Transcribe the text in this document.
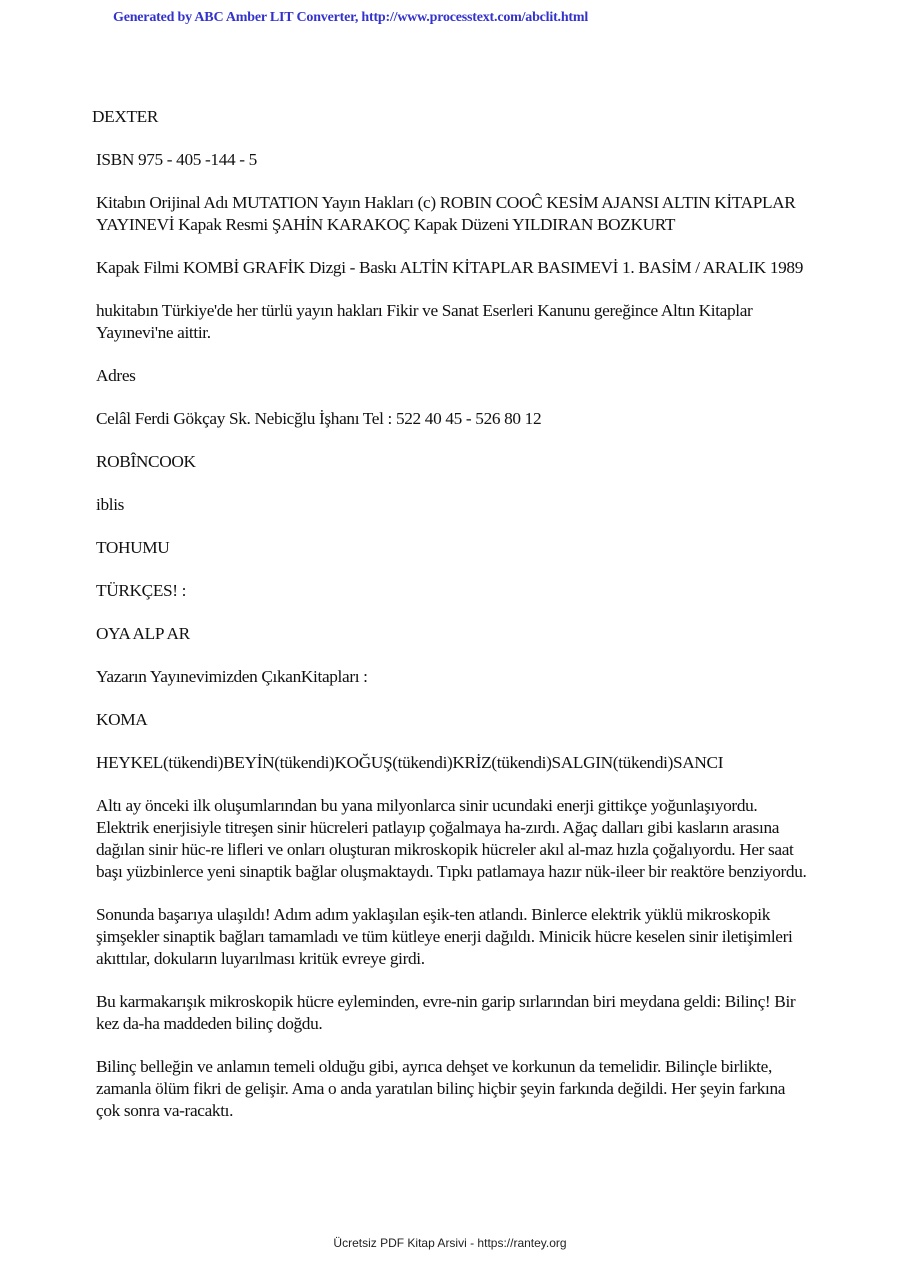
Generated by ABC Amber LIT Converter, http://www.processtext.com/abclit.html

DEXTER

ISBN 975 - 405 -144 - 5

Kitabın Orijinal Adı MUTATION Yayın Hakları (c) ROBIN COOĈ KESİM AJANSI ALTIN KİTAPLAR YAYINEVİ Kapak Resmi ŞAHİN KARAKOÇ Kapak Düzeni YILDIRAN BOZKURT

Kapak Filmi KOMBİ GRAFİK Dizgi - Baskı ALTİN KİTAPLAR BASIMEVİ 1. BASİM / ARALIK 1989

hukitabın Türkiye'de her türlü yayın hakları Fikir ve Sanat Eserleri Kanunu gereğince Altın Kitaplar Yayınevi'ne aittir.

Adres

Celâl Ferdi Gökçay Sk. Nebicğlu İşhanı Tel : 522 40 45 - 526 80 12

ROBÎNCOOK

iblis

TOHUMU

TÜRKÇES! :

OYA ALP AR

Yazarın Yayınevimizden ÇıkanKitapları :

KOMA

HEYKEL(tükendi)BEYİN(tükendi)KOĞUŞ(tükendi)KRİZ(tükendi)SALGIN(tükendi)SANCI

Altı ay önceki ilk oluşumlarından bu yana milyonlarca sinir ucundaki enerji gittikçe yoğunlaşıyordu. Elektrik enerjisiyle titreşen sinir hücreleri patlayıp çoğalmaya ha-zırdı. Ağaç dalları gibi kasların arasına dağılan sinir hüc-re lifleri ve onları oluşturan mikroskopik hücreler akıl al-maz hızla çoğalıyordu. Her saat başı yüzbinlerce yeni sinaptik bağlar oluşmaktaydı. Tıpkı patlamaya hazır nük-ileer bir reaktöre benziyordu.

Sonunda başarıya ulaşıldı! Adım adım yaklaşılan eşik-ten atlandı. Binlerce elektrik yüklü mikroskopik şimşekler sinaptik bağları tamamladı ve tüm kütleye enerji dağıldı. Minicik hücre keselen sinir iletişimleri akıttılar, dokuların luyarılması kritük evreye girdi.

Bu karmakarışık mikroskopik hücre eyleminden, evre-nin garip sırlarından biri meydana geldi: Bilinç! Bir kez da-ha maddeden bilinç doğdu.

Bilinç belleğin ve anlamın temeli olduğu gibi, ayrıca dehşet ve korkunun da temelidir. Bilinçle birlikte, zamanla ölüm fikri de gelişir. Ama o anda yaratılan bilinç hiçbir şeyin farkında değildi. Her şeyin farkına çok sonra va-racaktı.

Ücretsiz PDF Kitap Arsivi - https://rantey.org
